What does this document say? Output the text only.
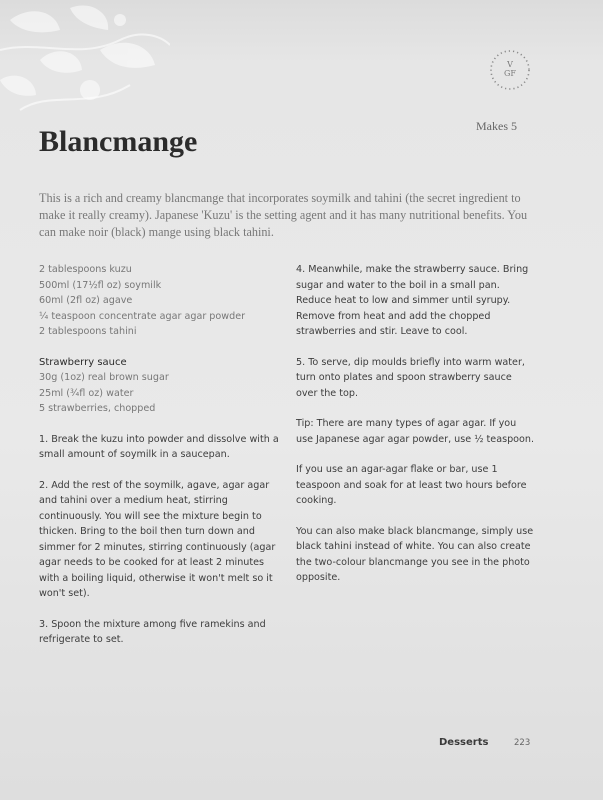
V
GF
Makes 5
Blancmange

This is a rich and creamy blancmange that incorporates soymilk and tahini (the secret ingredient to make it really creamy). Japanese 'Kuzu' is the setting agent and it has many nutritional benefits. You can make noir (black) mange using black tahini.

2 tablespoons kuzu
500ml (17½fl oz) soymilk
60ml (2fl oz) agave
¼ teaspoon concentrate agar agar powder
2 tablespoons tahini
Strawberry sauce
30g (1oz) real brown sugar
25ml (¾fl oz) water
5 strawberries, chopped

1. Break the kuzu into powder and dissolve with a small amount of soymilk in a saucepan.

2. Add the rest of the soymilk, agave, agar agar and tahini over a medium heat, stirring continuously. You will see the mixture begin to thicken. Bring to the boil then turn down and simmer for 2 minutes, stirring continuously (agar agar needs to be cooked for at least 2 minutes with a boiling liquid, otherwise it won't melt so it won't set).

3. Spoon the mixture among five ramekins and refrigerate to set.

4. Meanwhile, make the strawberry sauce. Bring sugar and water to the boil in a small pan. Reduce heat to low and simmer until syrupy. Remove from heat and add the chopped strawberries and stir. Leave to cool.

5. To serve, dip moulds briefly into warm water, turn onto plates and spoon strawberry sauce over the top.

Tip: There are many types of agar agar. If you use Japanese agar agar powder, use ½ teaspoon.

If you use an agar-agar flake or bar, use 1 teaspoon and soak for at least two hours before cooking.

You can also make black blancmange, simply use black tahini instead of white. You can also create the two-colour blancmange you see in the photo opposite.

Desserts	223
